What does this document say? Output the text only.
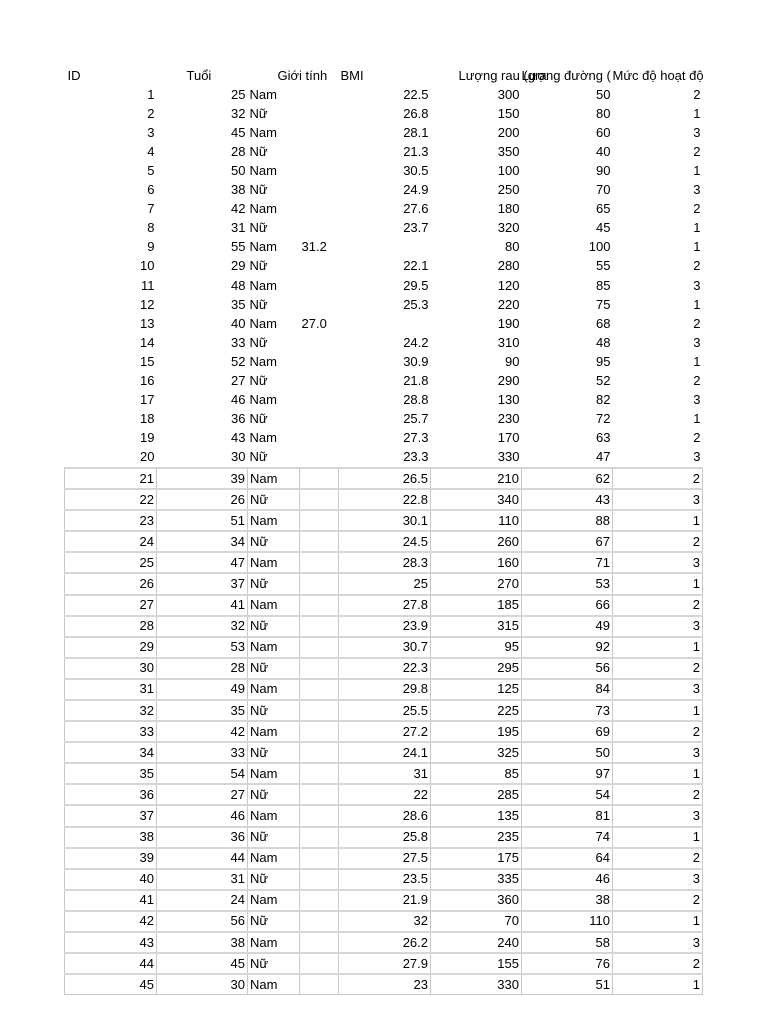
ID	Tuổi	Giới tính		BMI	Lượng rau (gra	Lượng đường (	Mức độ hoạt độ
1	25	Nam		22.5	300	50	2
2	32	Nữ		26.8	150	80	1
3	45	Nam		28.1	200	60	3
4	28	Nữ		21.3	350	40	2
5	50	Nam		30.5	100	90	1
6	38	Nữ		24.9	250	70	3
7	42	Nam		27.6	180	65	2
8	31	Nữ		23.7	320	45	1
9	55	Nam	31.2		80	100	1
10	29	Nữ		22.1	280	55	2
11	48	Nam		29.5	120	85	3
12	35	Nữ		25.3	220	75	1
13	40	Nam	27.0		190	68	2
14	33	Nữ		24.2	310	48	3
15	52	Nam		30.9	90	95	1
16	27	Nữ		21.8	290	52	2
17	46	Nam		28.8	130	82	3
18	36	Nữ		25.7	230	72	1
19	43	Nam		27.3	170	63	2
20	30	Nữ		23.3	330	47	3
21	39	Nam		26.5	210	62	2
22	26	Nữ		22.8	340	43	3
23	51	Nam		30.1	110	88	1
24	34	Nữ		24.5	260	67	2
25	47	Nam		28.3	160	71	3
26	37	Nữ		25	270	53	1
27	41	Nam		27.8	185	66	2
28	32	Nữ		23.9	315	49	3
29	53	Nam		30.7	95	92	1
30	28	Nữ		22.3	295	56	2
31	49	Nam		29.8	125	84	3
32	35	Nữ		25.5	225	73	1
33	42	Nam		27.2	195	69	2
34	33	Nữ		24.1	325	50	3
35	54	Nam		31	85	97	1
36	27	Nữ		22	285	54	2
37	46	Nam		28.6	135	81	3
38	36	Nữ		25.8	235	74	1
39	44	Nam		27.5	175	64	2
40	31	Nữ		23.5	335	46	3
41	24	Nam		21.9	360	38	2
42	56	Nữ		32	70	110	1
43	38	Nam		26.2	240	58	3
44	45	Nữ		27.9	155	76	2
45	30	Nam		23	330	51	1
